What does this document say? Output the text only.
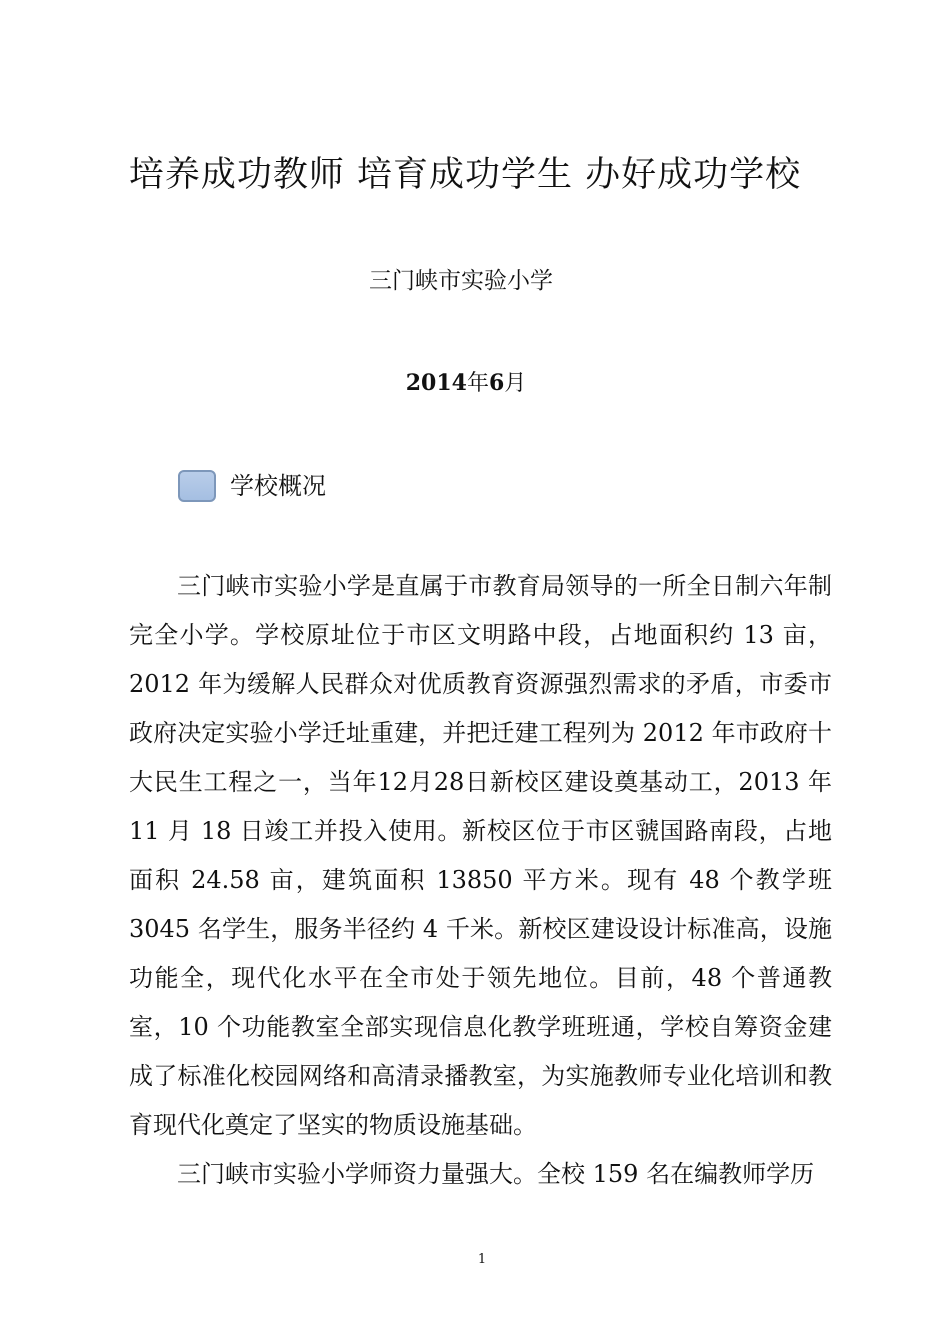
培养成功教师 培育成功学生 办好成功学校
三门峡市实验小学
2014年6月
学校概况

三门峡市实验小学是直属于市教育局领导的一所全日制六年制完全小学。学校原址位于市区文明路中段，占地面积约 13 亩，2012 年为缓解人民群众对优质教育资源强烈需求的矛盾，市委市政府决定实验小学迁址重建，并把迁建工程列为 2012 年市政府十大民生工程之一，当年12月28日新校区建设奠基动工，2013 年 11 月 18 日竣工并投入使用。新校区位于市区虢国路南段，占地面积 24.58 亩，建筑面积 13850 平方米。现有 48 个教学班 3045 名学生，服务半径约 4 千米。新校区建设设计标准高，设施功能全，现代化水平在全市处于领先地位。目前，48 个普通教室，10 个功能教室全部实现信息化教学班班通，学校自筹资金建成了标准化校园网络和高清录播教室，为实施教师专业化培训和教育现代化奠定了坚实的物质设施基础。

三门峡市实验小学师资力量强大。全校 159 名在编教师学历

1
